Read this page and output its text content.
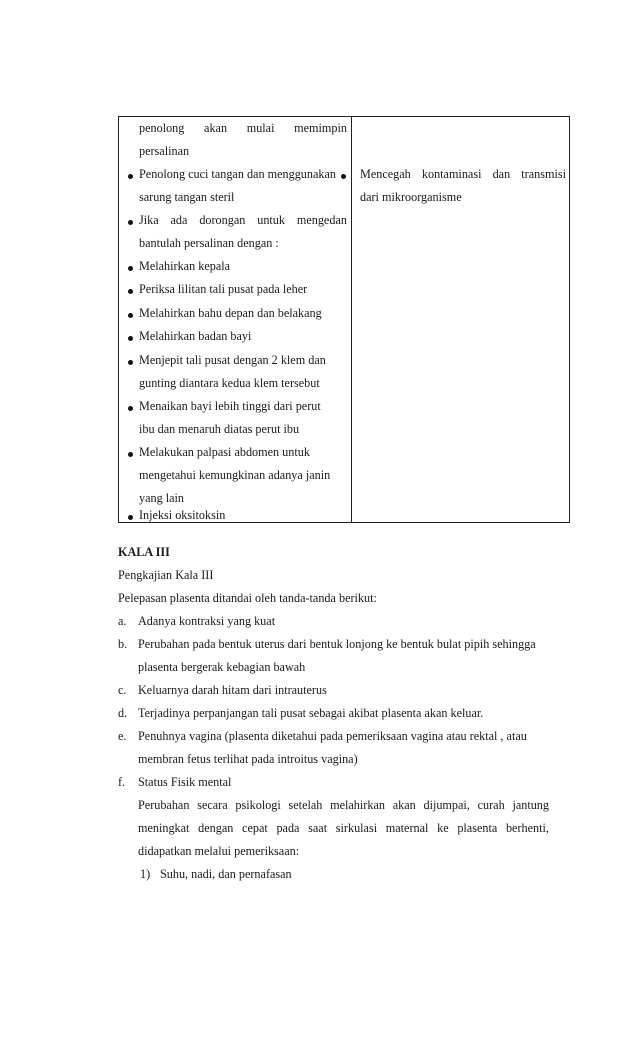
penolong akan mulai memimpin
persalinan
Penolong cuci tangan dan menggunakan
sarung tangan steril
Jika ada dorongan untuk mengedan
bantulah persalinan dengan :
Melahirkan kepala
Periksa lilitan tali pusat pada leher
Melahirkan bahu depan dan belakang
Melahirkan badan bayi
Menjepit tali pusat dengan 2 klem dan
gunting diantara kedua klem tersebut
Menaikan bayi lebih tinggi dari perut
ibu dan menaruh diatas perut ibu
Melakukan palpasi abdomen untuk
mengetahui kemungkinan adanya janin
yang lain
Injeksi oksitoksin
Mencegah kontaminasi dan transmisi
dari mikroorganisme
KALA III
Pengkajian Kala III
Pelepasan plasenta ditandai oleh tanda-tanda berikut:
a. Adanya kontraksi yang kuat
b. Perubahan pada bentuk uterus dari bentuk lonjong ke bentuk bulat pipih sehingga
plasenta bergerak kebagian bawah
c. Keluarnya darah hitam dari intrauterus
d. Terjadinya perpanjangan tali pusat sebagai akibat plasenta akan keluar.
e. Penuhnya vagina (plasenta diketahui pada pemeriksaan vagina atau rektal , atau
membran fetus terlihat pada introitus vagina)
f. Status Fisik mental
Perubahan secara psikologi setelah melahirkan akan dijumpai, curah jantung
meningkat dengan cepat pada saat sirkulasi maternal ke plasenta berhenti,
didapatkan melalui pemeriksaan:
1) Suhu, nadi, dan pernafasan
